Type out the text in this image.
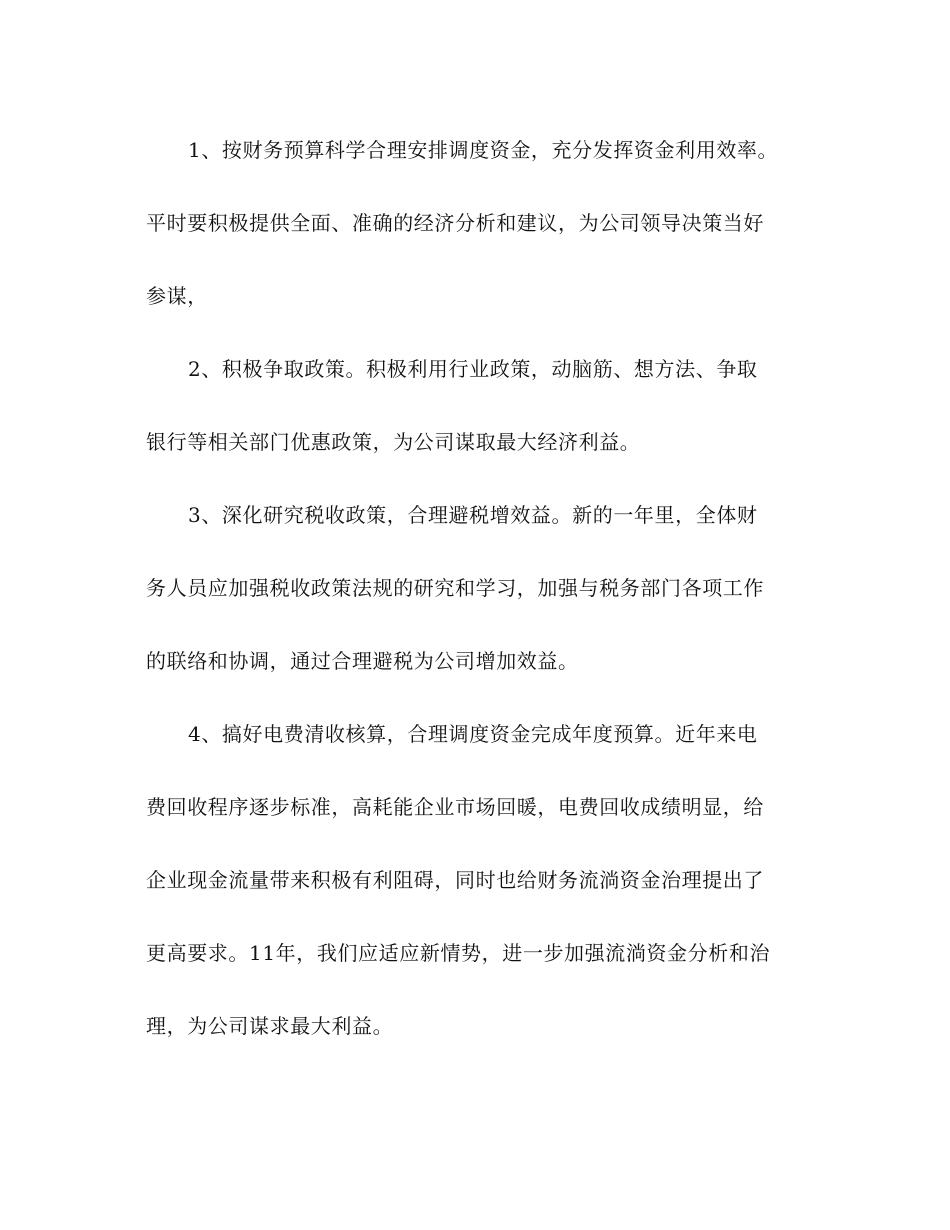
1、按财务预算科学合理安排调度资金，充分发挥资金利用效率。
平时要积极提供全面、准确的经济分析和建议，为公司领导决策当好
参谋，

2、积极争取政策。积极利用行业政策，动脑筋、想方法、争取
银行等相关部门优惠政策，为公司谋取最大经济利益。

3、深化研究税收政策，合理避税增效益。新的一年里，全体财
务人员应加强税收政策法规的研究和学习，加强与税务部门各项工作
的联络和协调，通过合理避税为公司增加效益。

4、搞好电费清收核算，合理调度资金完成年度预算。近年来电
费回收程序逐步标准，高耗能企业市场回暖，电费回收成绩明显，给
企业现金流量带来积极有利阻碍，同时也给财务流淌资金治理提出了
更高要求。11年，我们应适应新情势，进一步加强流淌资金分析和治
理，为公司谋求最大利益。
